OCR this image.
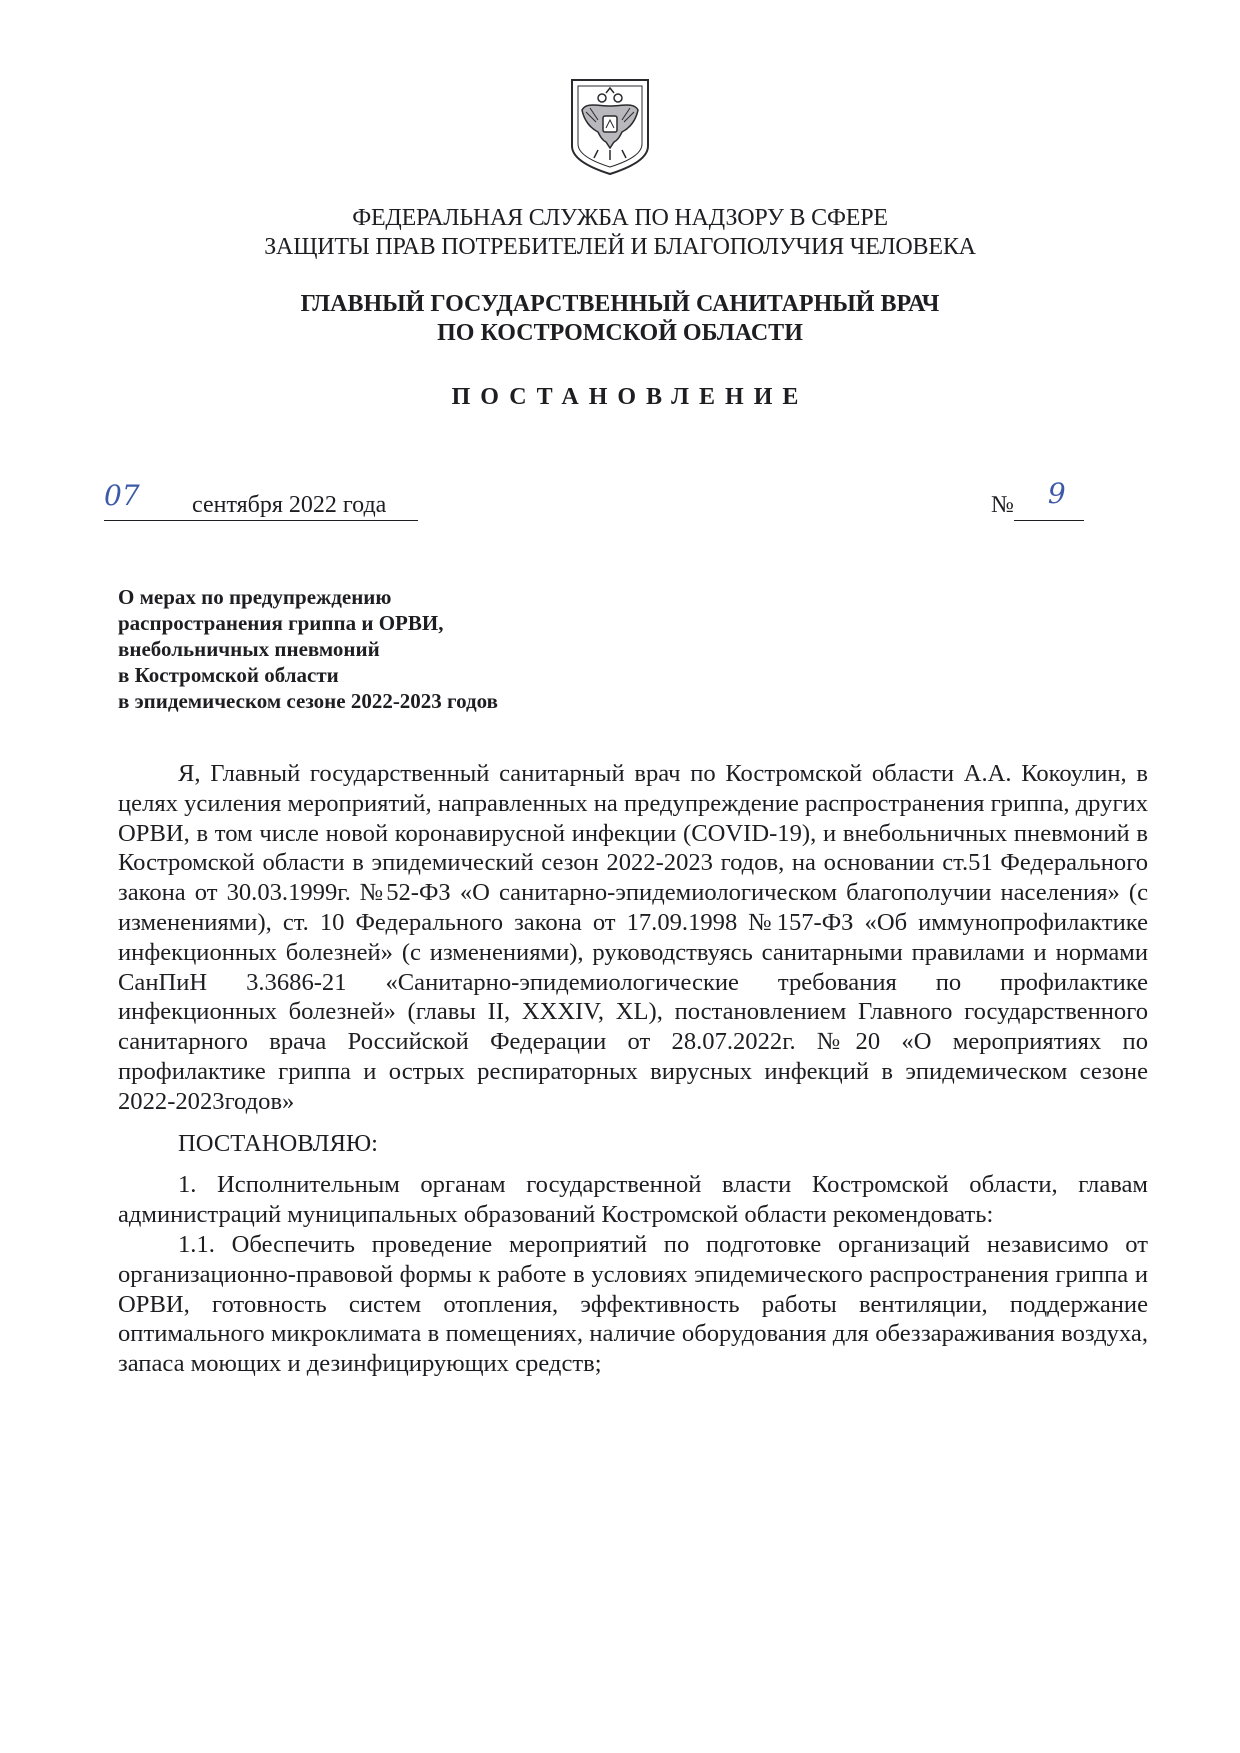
ФЕДЕРАЛЬНАЯ СЛУЖБА ПО НАДЗОРУ В СФЕРЕ
ЗАЩИТЫ ПРАВ ПОТРЕБИТЕЛЕЙ И БЛАГОПОЛУЧИЯ ЧЕЛОВЕКА
ГЛАВНЫЙ ГОСУДАРСТВЕННЫЙ САНИТАРНЫЙ ВРАЧ
ПО КОСТРОМСКОЙ ОБЛАСТИ
ПОСТАНОВЛЕНИЕ
сентября 2022 года
07	№ 9
О мерах по предупреждению
распространения гриппа и ОРВИ,
внебольничных пневмоний
в Костромской области
в эпидемическом сезоне 2022-2023 годов

Я, Главный государственный санитарный врач по Костромской области А.А. Кокоулин, в целях усиления мероприятий, направленных на предупреждение распространения гриппа, других ОРВИ, в том числе новой коронавирусной инфекции (COVID-19), и внебольничных пневмоний в Костромской области в эпидемический сезон 2022-2023 годов, на основании ст.51 Федерального закона от 30.03.1999г. №52-ФЗ «О санитарно-эпидемиологическом благополучии населения» (с изменениями), ст. 10 Федерального закона от 17.09.1998 №157-ФЗ «Об иммунопрофилактике инфекционных болезней» (с изменениями), руководствуясь санитарными правилами и нормами СанПиН 3.3686-21 «Санитарно-эпидемиологические требования по профилактике инфекционных болезней» (главы II, XXXIV, XL), постановлением Главного государственного санитарного врача Российской Федерации от 28.07.2022г. №20 «О мероприятиях по профилактике гриппа и острых респираторных вирусных инфекций в эпидемическом сезоне 2022-2023годов»

ПОСТАНОВЛЯЮ:

1. Исполнительным органам государственной власти Костромской области, главам администраций муниципальных образований Костромской области рекомендовать:

1.1. Обеспечить проведение мероприятий по подготовке организаций независимо от организационно-правовой формы к работе в условиях эпидемического распространения гриппа и ОРВИ, готовность систем отопления, эффективность работы вентиляции, поддержание оптимального микроклимата в помещениях, наличие оборудования для обеззараживания воздуха, запаса моющих и дезинфицирующих средств;
